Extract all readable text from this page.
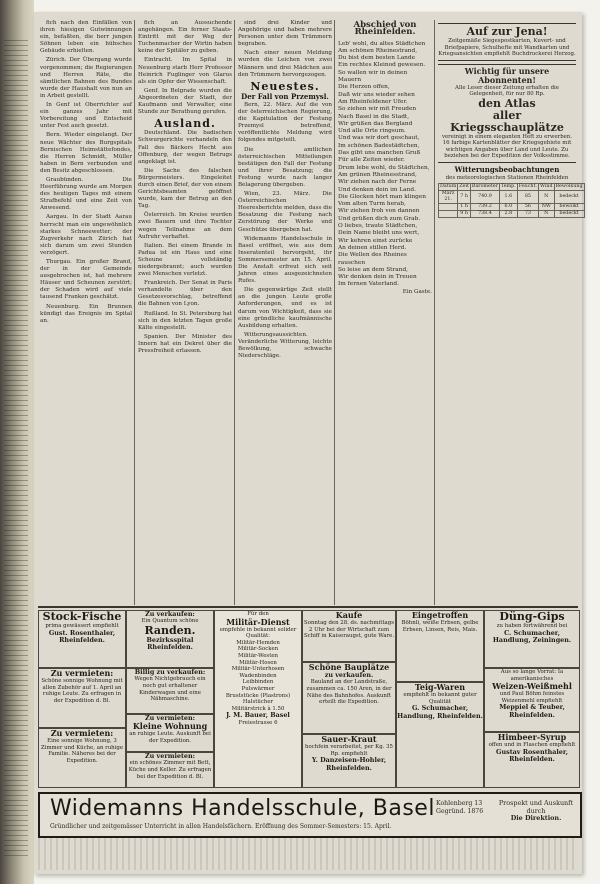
fich nach den Einfällen von ihren hiesigen Gutwinnungen ein, befaßten, die herr jungen Söhnen leben ein hübsches Gebäude erhielten.

Zürich. Der Übergang wurde vorgenommen; die Regierungen und Herren Räte, die sämtlichen Bahnen des Bundes wurde der Haushalt von nun an in Arbeit gestellt.

In Genf ist Oberrichter auf ein ganzes Jahr mit Vorbereitung und Entscheid unter Fest auch gesetzt.

Bern. Wieder eingelangt. Der neue Wächter des Burgspitals Bernischen Heimstättefondes, die Herren Schmidt, Müller haben in Bern verbunden und den Besitz abgeschlossen.

Graubünden. Die Heerführung wurde am Morgen des heutigen Tages mit einem Strafbefehl und eine Zeit von Anwesend.

Aargau. In der Stadt Aarau herrscht man ein ungewöhnlich starkes Schneewetter; der Zugverkehr nach Zürich hat sich darum um zwei Stunden verzögert.

Thurgau. Ein großer Brand, der in der Gemeinde ausgebrochen ist, hat mehrere Häuser und Scheunen zerstört; der Schaden wird auf viele tausend Franken geschätzt.

Neuenburg. Ein Brunnen kündigt das Ereignis im Spital an.

fich an Aussuchende angehängen. Ein ferner Staats-Eintritt mit der Weg der Tuchenmacher der Wirtin haben keine der Spitäler zu geben.

Eintracht. Im Spital in Neuenburg starb Herr Professor Heinrich Fuglinger von Glarus als ein Opfer der Wissenschaft.

Genf. In Belgrade wurden die Abgeordneten der Stadt, der Kaufmann und Verwalter, eine Stunde zur Berathung gerufen.

Ausland.

Deutschland. Die badischen Schwurgerichte verhandeln den Fall des Bäckers Hecht aus Offenburg, der wegen Betrugs angeklagt ist.

Die Sache des falschen Bürgermeisters. Eingeleitet durch einen Brief, der von einem Gerichtsbeamten geöffnet wurde, kam der Betrug an den Tag.

Österreich. Im Kreise wurden zwei Bauern und ihre Tochter wegen Teilnahme an dem Aufruhr verhaftet.

Italien. Bei einem Brande in Padua ist ein Haus und eine Scheune vollständig niedergebrannt; auch wurden zwei Menschen verletzt.

Frankreich. Der Senat in Paris verhandelte über den Gesetzesvorschlag, betreffend die Bahnen von Lyon.

Rußland. In St. Petersburg hat sich in den letzten Tagen große Kälte eingestellt.

Spanien. Der Minister des Innern hat ein Dekret über die Pressfreiheit erlassen.

sind drei Kinder und Angehörige und haben mehrere Personen unter dem Trümmern begraben.

Nach einer neuen Meldung wurden die Leichen von zwei Männern und drei Mädchen aus den Trümmern hervorgezogen.

Neuestes.
Der Fall von Przemysl.

Bern, 22. März. Auf die von der österreichischen Regierung, die Kapitulation der Festung Przemysl betreffend, veröffentlichte Meldung wird folgendes mitgeteilt.

Die amtlichen österreichischen Mitteilungen bestätigen den Fall der Festung und ihrer Besatzung; die Festung wurde nach langer Belagerung übergeben.

Wien, 23. März. Die Österreichischen Heeresberichte melden, dass die Besatzung die Festung nach Zerstörung der Werke und Geschütze übergeben hat.

Widemanns Handelsschule in Basel eröffnet, wie aus dem Inseratenteil hervorgeht, ihr Sommersemester am 15. April. Die Anstalt erfreut sich seit Jahren eines ausgezeichneten Rufes.

Die gegenwärtige Zeit stellt an die jungen Leute große Anforderungen, und es ist darum von Wichtigkeit, dass sie eine gründliche kaufmännische Ausbildung erhalten.

Witterungsaussichten. Veränderliche Witterung, leichte Bewölkung, schwache Niederschläge.

Abschied von Rheinfelden.
Leb' wohl, du altes Städtchen
Am schönen Rheinestrand,
Du bist dem besten Lande
Ein rechtes Kleinod gewesen.
So wallen wir in deinen Mauern
Die Herzen offen,
Daß wir uns wieder sehen
Am Rheinfeldener Ufer.
So ziehen wir mit Freuden
Nach Basel in die Stadt,
Wir grüßen das Bergland
Und alle Orte ringsum.
Und was wir dort geschaut,
Im schönen Badestädtchen,
Das gibt uns manchen Gruß
Für alle Zeiten wieder.
Drum lebe wohl, du Städtchen,
Am grünen Rheinesstrand,
Wir ziehen nach der Ferne
Und denken dein im Land.
Die Glocken hört man klingen
Vom alten Turm herab,
Wir ziehen froh von dannen
Und grüßen dich zum Grab.
O liebes, traute Städtchen,
Dein Name bleibt uns wert,
Wir kehren einst zurücke
An deinen stillen Herd.
Die Wellen des Rheines rauschen
So leise an dem Strand,
Wir denken dein in Treuen
Im fernen Vaterland.
Ein Gaste.
Auf zur Jena!
Zeitgemäße Siegespostkarten, Kuvert- und Briefpapiere, Schulhefte mit Wandkarten und Kriegsansichten empfiehlt Buchdruckerei Herzog.
Wichtig für unsere Abonnenten!
Alle Leser dieser Zeitung erhalten die Gelegenheit, für nur 80 Rp.
den Atlas
aller Kriegsschauplätze
vereinigt in einem eleganten Heft zu erwerben. 16 farbige Kartenblätter der Kriegsgebiete mit wichtigen Angaben über Land und Leute. Zu beziehen bei der Expedition der Volksstimme.
Witterungsbeobachtungen
des meteorologischen Stationen Rheinfelden
Datum	Zeit	Barometer	Temp.	Feucht.	Wind	Bewölkung
März 21.	7 h	740.9	1.6	85	N	bedeckt
	1 h	739.2	6.0	56	NW	bewölkt
	9 h	738.4	2.8	73	N	bedeckt
Stock-Fische
prima gewässert empfiehlt
Gust. Rosenthaler, Rheinfelden.
Zu vermieten:
Schöne sonnige Wohnung mit allen Zubehör auf 1. April an ruhige Leute. Zu erfragen in der Expedition d. Bl.
Zu vermieten:
Eine sonnige Wohnung, 3 Zimmer und Küche, an ruhige Familie. Näheres bei der Expedition.
Zu verkaufen:
Ein Quantum schöne
Randen.
Bezirksspital Rheinfelden.
Billig zu verkaufen:
Wegen Nichtgebrauch ein noch gut erhaltener Kinderwagen und eine Nähmaschine.
Zu vermieten:
Kleine Wohnung
an ruhige Leute. Auskunft bei der Expedition.
Zu vermieten:
ein schönes Zimmer mit Bett, Küche und Keller. Zu erfragen bei der Expedition d. Bl.
Für den
Militär-Dienst
empfehle in bekannt solider Qualität:
Militär-Hemden
Militär-Socken
Militär-Westen
Militär-Hosen
Militär-Unterhosen
Wadenbinden
Leibbinden
Pulswärmer
Bruststücke (Plastrons)
Halstücher
Militärstrick à 1.50
J. M. Bauer, Basel
Freiestrasse 6
Kaufe
Sonntag den 28. ds. nachmittags 2 Uhr bei der Wirtschaft zum Schiff in Kaiseraugst, gute Ware.
Schöne Bauplätze
zu verkaufen.
Bauland an der Landstraße, zusammen ca. 150 Aren, in der Nähe des Bahnhofes. Auskunft erteilt die Expedition.
Sauer-Kraut
hochfein verarbeitet, per Kg. 35 Rp. empfiehlt
Y. Danzeisen-Hohler, Rheinfelden.
Eingetroffen
Böhnli, weiße Erbsen, gelbe Erbsen, Linsen, Reis, Mais.
Teig-Waren
empfiehlt in bekannt guter Qualität
G. Schumacher, Handlung, Rheinfelden.
Düng-Gips
zu haben fortwährend bei
C. Schumacher, Handlung, Zeiningen.
Aus so lange Vorrat: Ia amerikanisches
Weizen-Weißmehl
und Paul Böhm feinstes Weizenmehl empfiehlt
Meppiel & Teuber, Rheinfelden.
Himbeer-Syrup
offen und in Flaschen empfiehlt
Gustav Rosenthaler, Rheinfelden.
Widemanns Handelsschule, Basel
Gründlicher und zeitgemässer Unterricht in allen Handelsfächern. Eröffnung des Sommer-Semesters: 15. April.
Kohlenberg 13 Gegründ. 1876
Prospekt und Auskunft durch
Die Direktion.
